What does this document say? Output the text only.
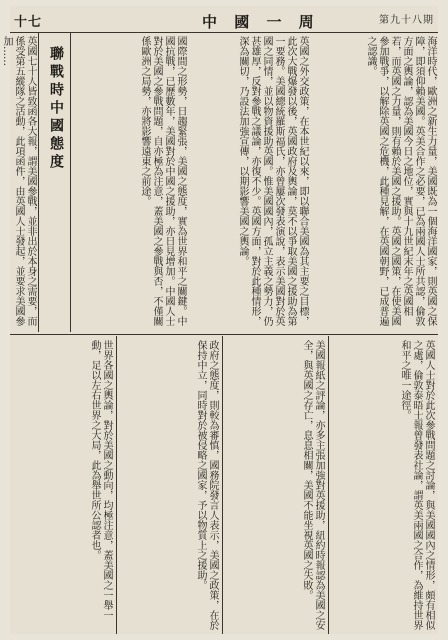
十七	中 國 一 周	第九十八期
英國七十人皆致函各大報，謂美國參戰，並非出於本身之需要，而係受第五縱隊之活動，此項函件，由英國人士發起，並要求美國參加……	聯戰時中國態度	國際間之形勢，日趨緊張，美國之態度，實為世界和平之關鍵。中國抗戰，已歷數年，美國對於中國之援助，亦日見增加。中國人士對於美國之參戰問題，自亦極為注意，蓋美國之參戰與否，不僅關係歐洲之局勢，亦將影響遠東之前途。	英國之外交政策，在本世紀以來，即以聯合美國為其主要之目標，此次大戰爆發以後，英國政府及輿論，莫不以爭取美國之援助為第一要務。美國總統羅斯福氏，亦曾屢次發表演說，表示美國對於英國之同情，並以物資援助英國。惟美國國內，孤立主義之勢力，仍甚雄厚，反對參戰之議論，亦復不少。英國方面，對於此種情形，深為關切，乃設法加強宣傳，以期影響美國之輿論。	海洋時代，歐洲之新生力量，美國既為一個海洋國家，則英國之保障，即須仰賴美國。英美合作之必要，已為兩國人士所共認，倫敦方面之輿論，認為美國今日之地位，實與十九世紀末年之英國相若，而英國之力量，則有賴於美國之援助。英國之國策，在使美國參加戰爭，以解除英國之危機，此種見解，在英國朝野，已成普遍之認識。
世界各國之輿論，對於美國之動向，均極注意，蓋美國之一舉一動，足以左右世界之大局，此為舉世所公認者也。	政府之態度，則較為審慎，國務院發言人表示，美國之政策，在於保持中立，同時對於被侵略之國家，予以物質上之援助。	美國報紙之評論，亦多主張加強對英援助，紐約時報認為美國之安全，與英國之存亡，息息相關，美國不能坐視英國之失敗。	英國人士對於此次參戰問題之討論，與美國國內之情形，頗有相似之處，倫敦泰晤士報曾發表社論，謂英美兩國之合作，為維持世界和平之唯一途徑。
